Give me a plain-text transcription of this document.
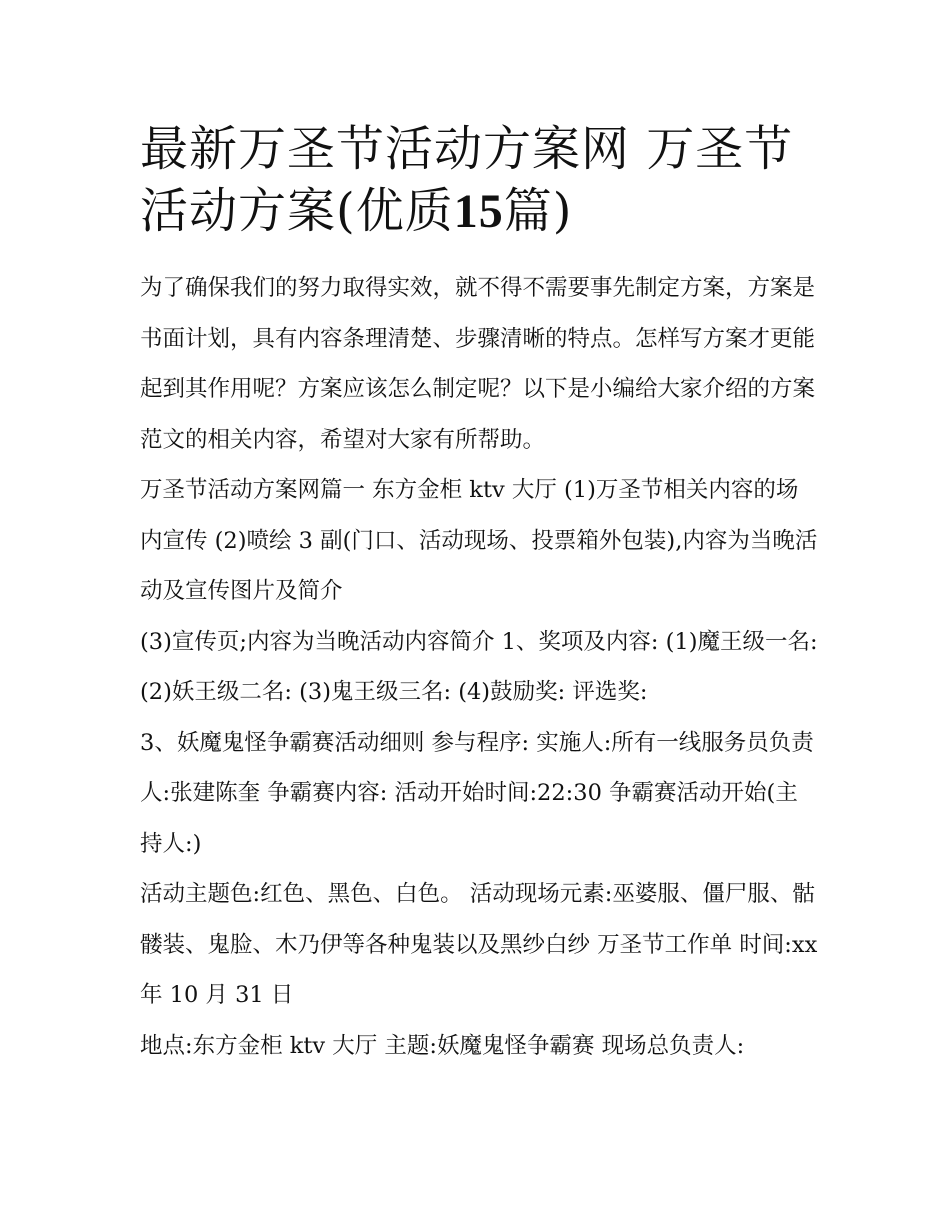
最新万圣节活动方案网 万圣节活动方案(优质15篇)

为了确保我们的努力取得实效，就不得不需要事先制定方案，方案是书面计划，具有内容条理清楚、步骤清晰的特点。怎样写方案才更能起到其作用呢？方案应该怎么制定呢？以下是小编给大家介绍的方案范文的相关内容，希望对大家有所帮助。

万圣节活动方案网篇一 东方金柜 ktv 大厅 (1)万圣节相关内容的场内宣传 (2)喷绘 3 副(门口、活动现场、投票箱外包装),内容为当晚活动及宣传图片及简介

(3)宣传页;内容为当晚活动内容简介 1、奖项及内容: (1)魔王级一名: (2)妖王级二名: (3)鬼王级三名: (4)鼓励奖: 评选奖:

3、妖魔鬼怪争霸赛活动细则 参与程序: 实施人:所有一线服务员负责人:张建陈奎 争霸赛内容: 活动开始时间:22:30 争霸赛活动开始(主持人:)

活动主题色:红色、黑色、白色。 活动现场元素:巫婆服、僵尸服、骷髅装、鬼脸、木乃伊等各种鬼装以及黑纱白纱 万圣节工作单 时间:xx 年 10 月 31 日

地点:东方金柜 ktv 大厅 主题:妖魔鬼怪争霸赛 现场总负责人:
